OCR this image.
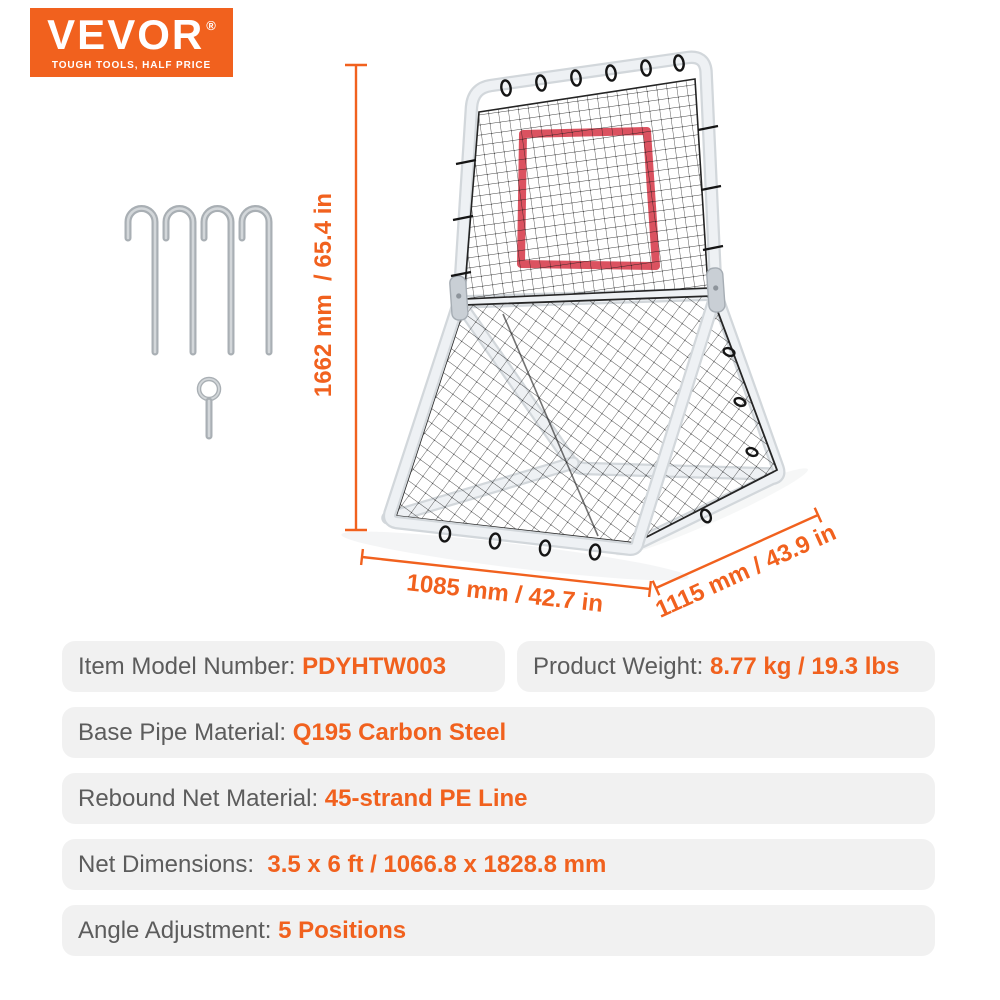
VEVOR ®
TOUGH TOOLS, HALF PRICE
1662 mm  / 65.4 in
1085 mm / 42.7 in 1115 mm / 43.9 in
Item Model Number: PDYHTW003	Product Weight: 8.77 kg / 19.3 lbs
Base Pipe Material: Q195 Carbon Steel
Rebound Net Material: 45-strand PE Line
Net Dimensions: 3.5 x 6 ft / 1066.8 x 1828.8 mm
Angle Adjustment: 5 Positions
